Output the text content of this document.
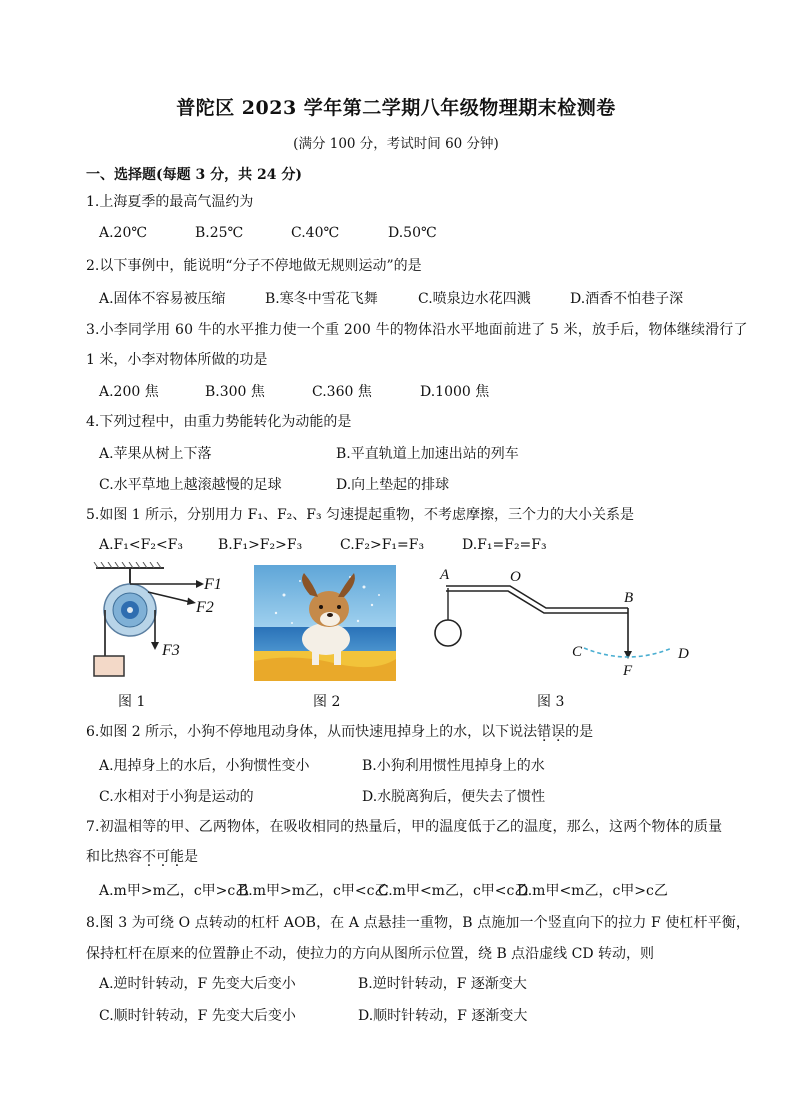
普陀区 2023 学年第二学期八年级物理期末检测卷
(满分 100 分，考试时间 60 分钟)
一、选择题(每题 3 分，共 24 分)
1.上海夏季的最高气温约为
A.20℃	B.25℃	C.40℃	D.50℃
2.以下事例中，能说明“分子不停地做无规则运动”的是
A.固体不容易被压缩	B.寒冬中雪花飞舞	C.喷泉边水花四溅	D.酒香不怕巷子深
3.小李同学用 60 牛的水平推力使一个重 200 牛的物体沿水平地面前进了 5 米，放手后，物体继续滑行了
1 米，小李对物体所做的功是
A.200 焦	B.300 焦	C.360 焦	D.1000 焦
4.下列过程中，由重力势能转化为动能的是
A.苹果从树上下落	B.平直轨道上加速出站的列车
C.水平草地上越滚越慢的足球	D.向上垫起的排球
5.如图 1 所示，分别用力 F₁、F₂、F₃ 匀速提起重物，不考虑摩擦，三个力的大小关系是
A.F₁<F₂<F₃	B.F₁>F₂>F₃	C.F₂>F₁=F₃	D.F₁=F₂=F₃
F1
F2
F3
A	O
B
C	D
F
图 1	图 2	图 3
6.如图 2 所示，小狗不停地甩动身体，从而快速甩掉身上的水，以下说法错误的是
A.甩掉身上的水后，小狗惯性变小	B.小狗利用惯性甩掉身上的水
C.水相对于小狗是运动的	D.水脱离狗后，便失去了惯性
7.初温相等的甲、乙两物体，在吸收相同的热量后，甲的温度低于乙的温度，那么，这两个物体的质量
和比热容不可能是
A.m甲>m乙，c甲>c乙
B.m甲>m乙，c甲<c乙
C.m甲<m乙，c甲<c乙
D.m甲<m乙，c甲>c乙
8.图 3 为可绕 O 点转动的杠杆 AOB，在 A 点悬挂一重物，B 点施加一个竖直向下的拉力 F 使杠杆平衡，
保持杠杆在原来的位置静止不动，使拉力的方向从图所示位置，绕 B 点沿虚线 CD 转动，则
A.逆时针转动，F 先变大后变小	B.逆时针转动，F 逐渐变大
C.顺时针转动，F 先变大后变小	D.顺时针转动，F 逐渐变大
